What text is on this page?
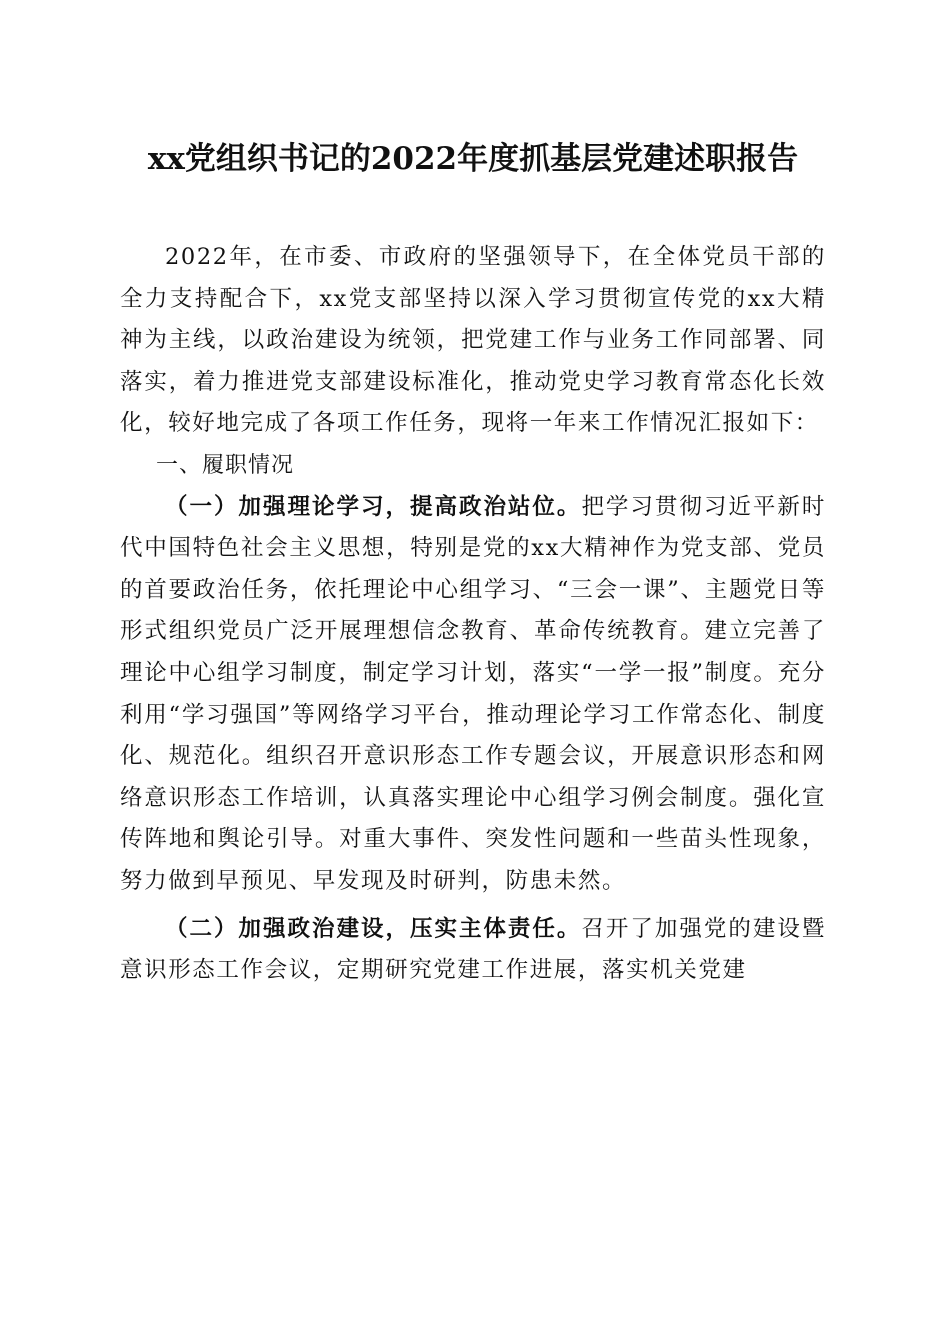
xx党组织书记的2022年度抓基层党建述职报告

2022年，在市委、市政府的坚强领导下，在全体党员干部的全力支持配合下，xx党支部坚持以深入学习贯彻宣传党的xx大精神为主线，以政治建设为统领，把党建工作与业务工作同部署、同落实，着力推进党支部建设标准化，推动党史学习教育常态化长效化，较好地完成了各项工作任务，现将一年来工作情况汇报如下：

一、履职情况

（一）加强理论学习，提高政治站位。把学习贯彻习近平新时代中国特色社会主义思想，特别是党的xx大精神作为党支部、党员的首要政治任务，依托理论中心组学习、“三会一课”、主题党日等形式组织党员广泛开展理想信念教育、革命传统教育。建立完善了理论中心组学习制度，制定学习计划，落实“一学一报”制度。充分利用“学习强国”等网络学习平台，推动理论学习工作常态化、制度化、规范化。组织召开意识形态工作专题会议，开展意识形态和网络意识形态工作培训，认真落实理论中心组学习例会制度。强化宣传阵地和舆论引导。对重大事件、突发性问题和一些苗头性现象，努力做到早预见、早发现及时研判，防患未然。

（二）加强政治建设，压实主体责任。召开了加强党的建设暨意识形态工作会议，定期研究党建工作进展，落实机关党建
